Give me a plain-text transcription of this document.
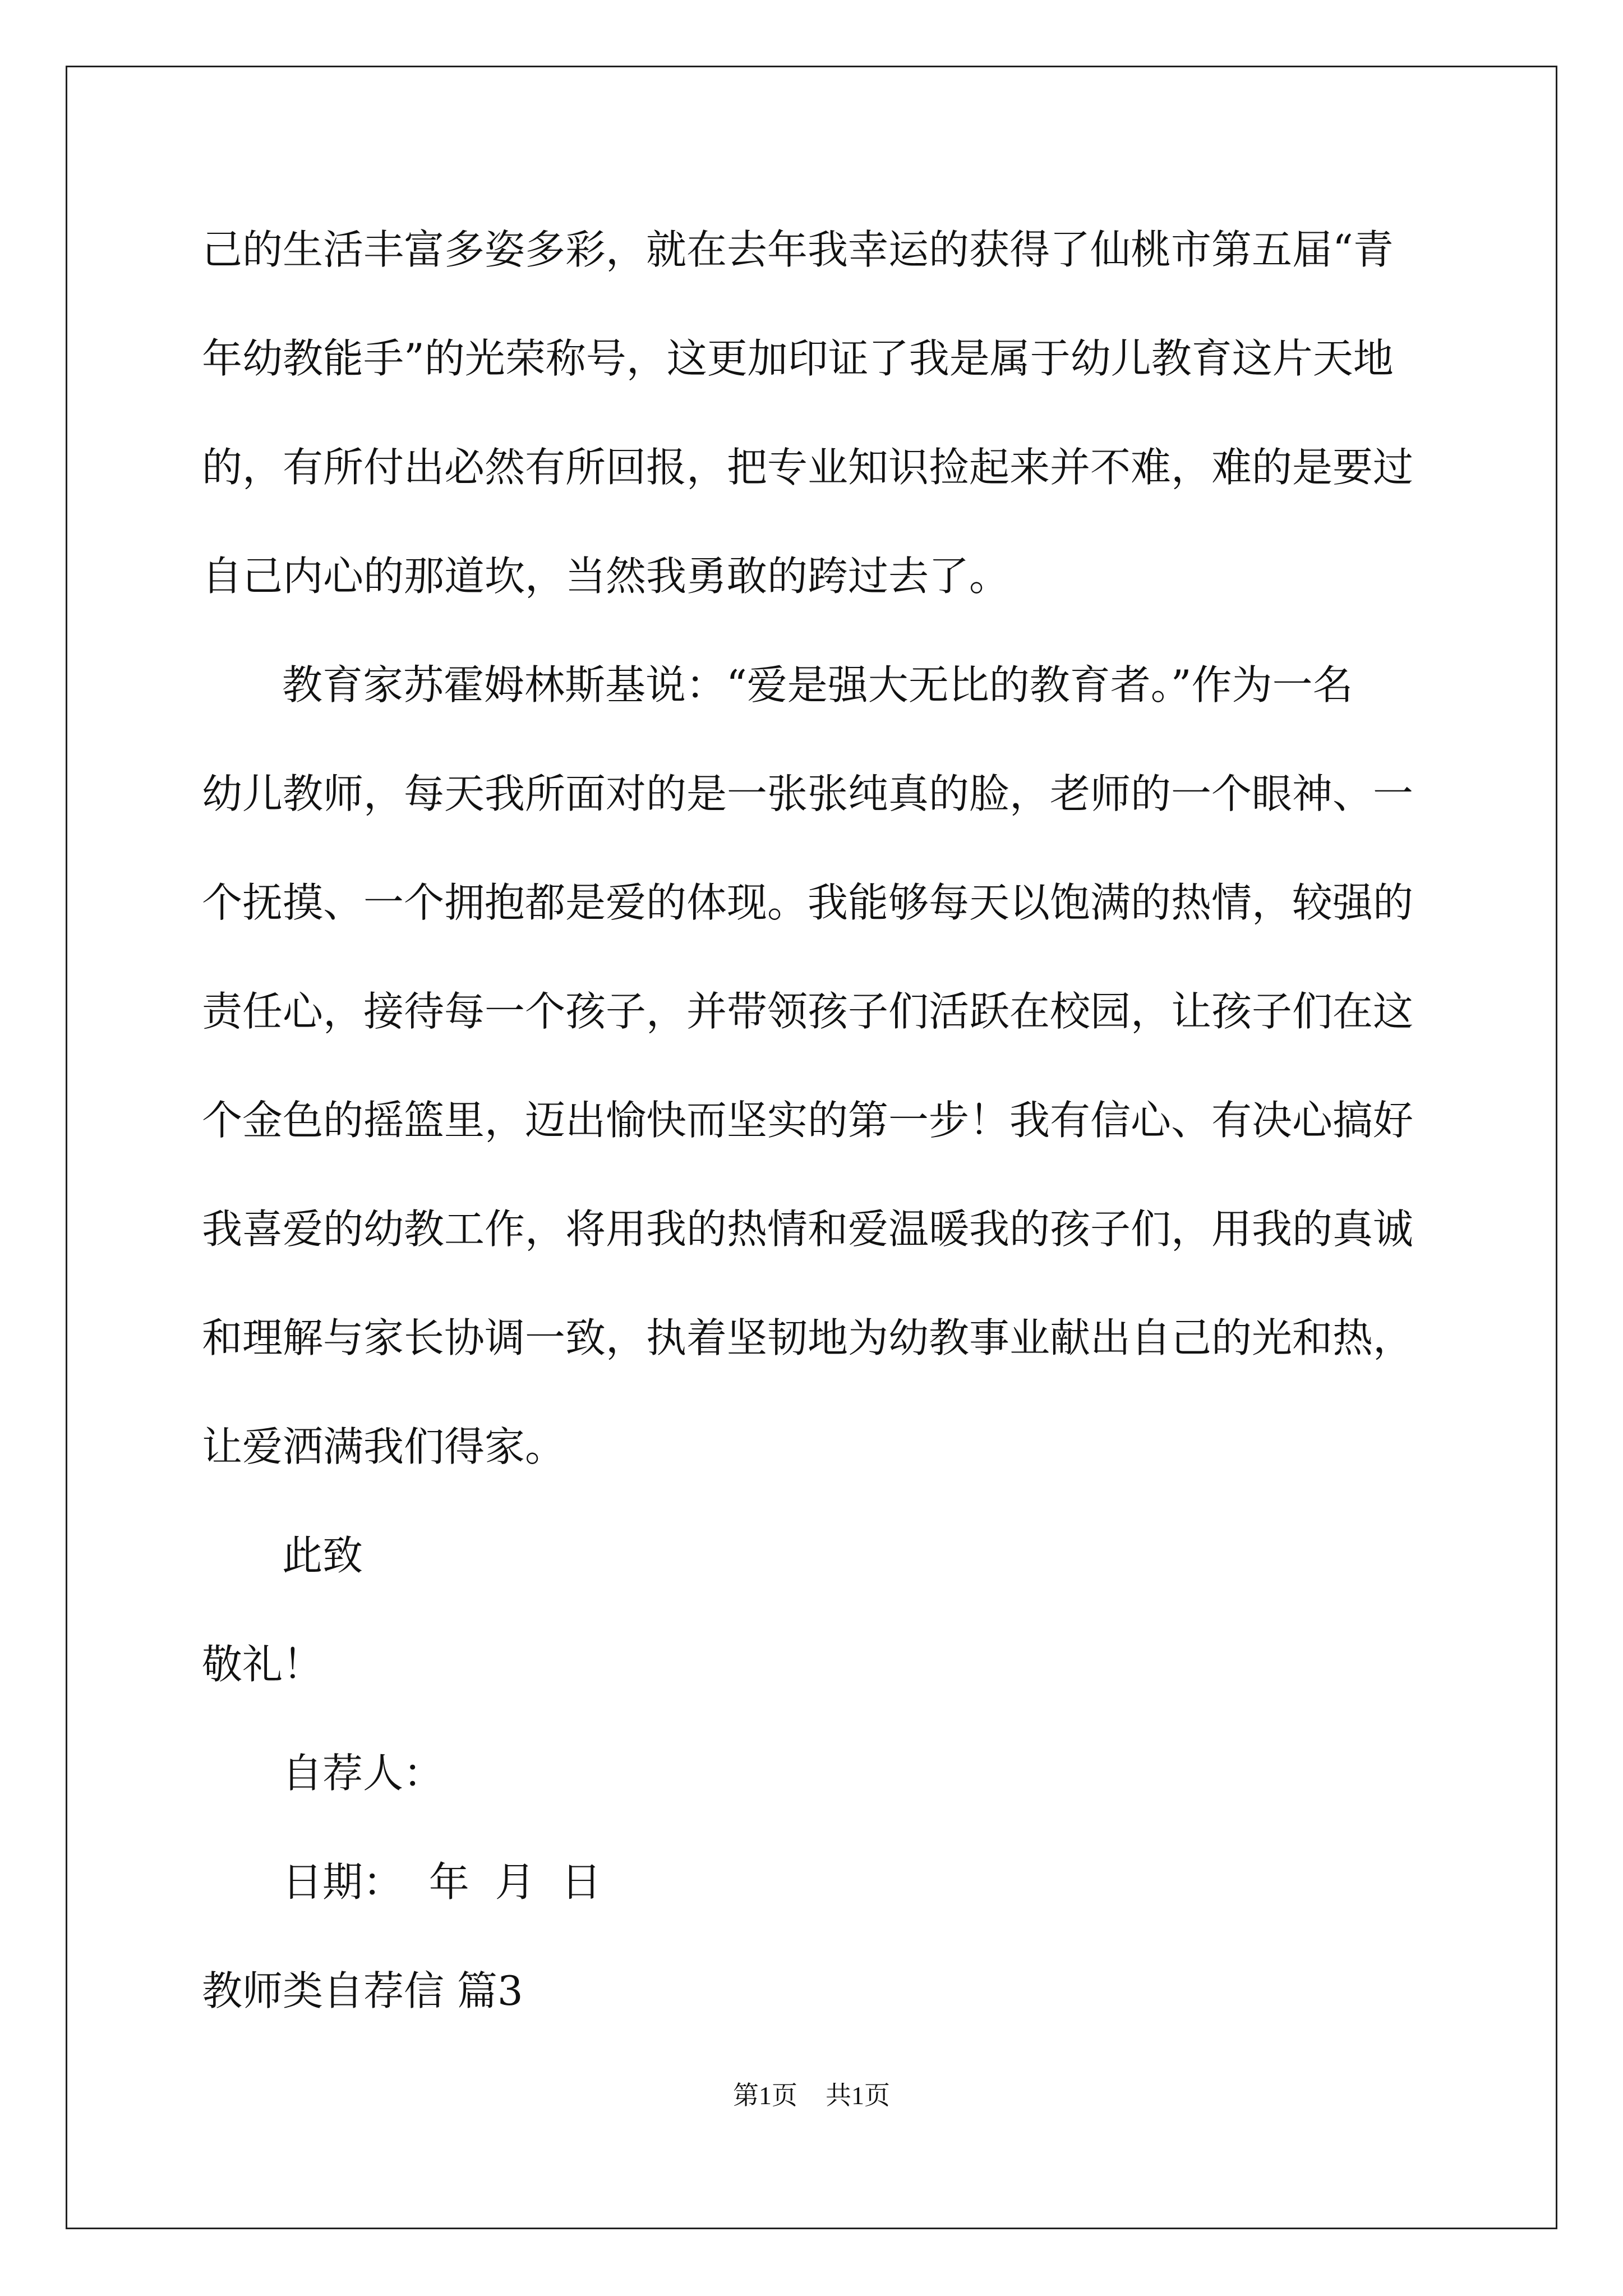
己的生活丰富多姿多彩，就在去年我幸运的获得了仙桃市第五届“青
年幼教能手”的光荣称号，这更加印证了我是属于幼儿教育这片天地
的，有所付出必然有所回报，把专业知识捡起来并不难，难的是要过
自己内心的那道坎，当然我勇敢的跨过去了。
教育家苏霍姆林斯基说：“爱是强大无比的教育者。”作为一名
幼儿教师，每天我所面对的是一张张纯真的脸，老师的一个眼神、一
个抚摸、一个拥抱都是爱的体现。我能够每天以饱满的热情，较强的
责任心，接待每一个孩子，并带领孩子们活跃在校园，让孩子们在这
个金色的摇篮里，迈出愉快而坚实的第一步！我有信心、有决心搞好
我喜爱的幼教工作，将用我的热情和爱温暖我的孩子们，用我的真诚
和理解与家长协调一致，执着坚韧地为幼教事业献出自己的光和热，
让爱洒满我们得家。
此致
敬礼！
自荐人：
日期：  年  月  日
教师类自荐信 篇3
第1页 共1页
